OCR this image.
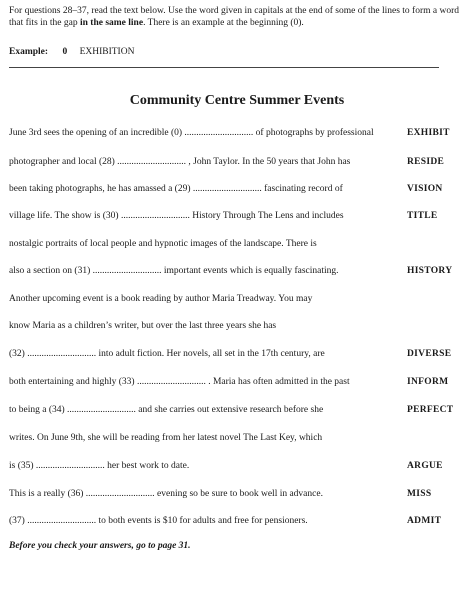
For questions 28–37, read the text below. Use the word given in capitals at the end of some of the lines to form a word that fits in the gap in the same line. There is an example at the beginning (0).
Example: 0 EXHIBITION
Community Centre Summer Events
June 3rd sees the opening of an incredible (0) ............................. of photographs by professional	EXHIBIT
photographer and local (28) ............................. , John Taylor. In the 50 years that John has	RESIDE
been taking photographs, he has amassed a (29) ............................. fascinating record of	VISION
village life. The show is (30) ............................. History Through The Lens and includes	TITLE
nostalgic portraits of local people and hypnotic images of the landscape. There is
also a section on (31) ............................. important events which is equally fascinating.	HISTORY
Another upcoming event is a book reading by author Maria Treadway. You may
know Maria as a children’s writer, but over the last three years she has
(32) ............................. into adult fiction. Her novels, all set in the 17th century, are	DIVERSE
both entertaining and highly (33) ............................. . Maria has often admitted in the past	INFORM
to being a (34) ............................. and she carries out extensive research before she	PERFECT
writes. On June 9th, she will be reading from her latest novel The Last Key, which
is (35) ............................. her best work to date.	ARGUE
This is a really (36) ............................. evening so be sure to book well in advance.	MISS
(37) ............................. to both events is $10 for adults and free for pensioners.	ADMIT
Before you check your answers, go to page 31.
